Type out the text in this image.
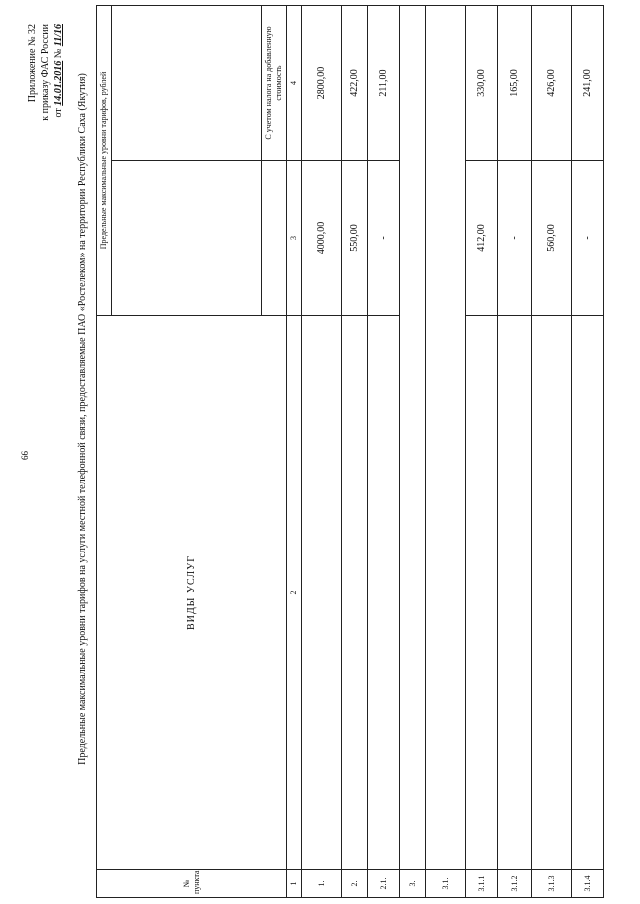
66
Приложение № 32 к приказу ФАС России от 14.01.2016 № 11/16
Предельные максимальные уровни тарифов на услуги местной телефонной связи, предоставляемые ПАО «Ростелеком» на территории Республики Саха (Якутия)
№ пункта	ВИДЫ УСЛУГ	Предельные максимальные уровни тарифов, рублей	

			С учетом налога на добавленную стоимость
1	2	3	4
1.		4000,00	2800,00
2.		550,00	422,00
2.1.		-	211,00
3.			
3.1.			
3.1.1		412,00	330,00
3.1.2		-	165,00
3.1.3		560,00	426,00
3.1.4		-	241,00
